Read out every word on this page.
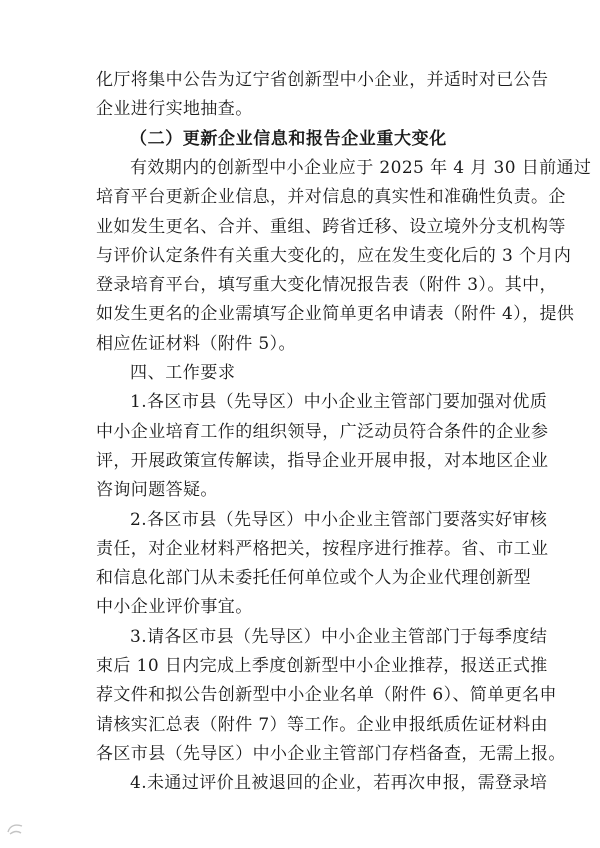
化厅将集中公告为辽宁省创新型中小企业，并适时对已公告
企业进行实地抽查。
（二）更新企业信息和报告企业重大变化
有效期内的创新型中小企业应于 2025 年 4 月 30 日前通过
培育平台更新企业信息，并对信息的真实性和准确性负责。企
业如发生更名、合并、重组、跨省迁移、设立境外分支机构等
与评价认定条件有关重大变化的，应在发生变化后的 3 个月内
登录培育平台，填写重大变化情况报告表（附件 3）。其中，
如发生更名的企业需填写企业简单更名申请表（附件 4），提供
相应佐证材料（附件 5）。
四、工作要求
1.各区市县（先导区）中小企业主管部门要加强对优质
中小企业培育工作的组织领导，广泛动员符合条件的企业参
评，开展政策宣传解读，指导企业开展申报，对本地区企业
咨询问题答疑。
2.各区市县（先导区）中小企业主管部门要落实好审核
责任，对企业材料严格把关，按程序进行推荐。省、市工业
和信息化部门从未委托任何单位或个人为企业代理创新型
中小企业评价事宜。
3.请各区市县（先导区）中小企业主管部门于每季度结
束后 10 日内完成上季度创新型中小企业推荐，报送正式推
荐文件和拟公告创新型中小企业名单（附件 6）、简单更名申
请核实汇总表（附件 7）等工作。企业申报纸质佐证材料由
各区市县（先导区）中小企业主管部门存档备查，无需上报。
4.未通过评价且被退回的企业，若再次申报，需登录培
